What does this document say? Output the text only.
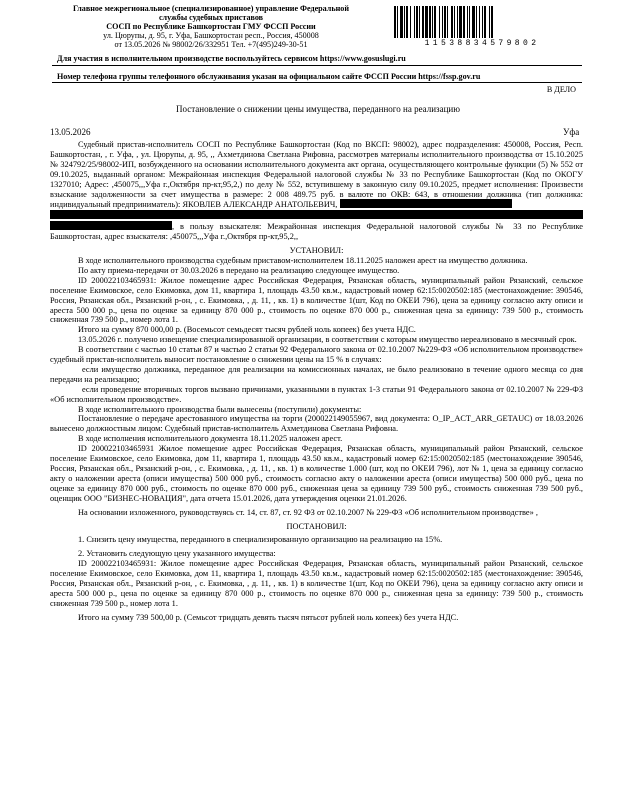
Главное межрегиональное (специализированное) управление Федеральной
службы судебных приставов
СОСП по Республике Башкортостан ГМУ ФССП России
ул. Цюрупы, д. 95, г. Уфа, Башкортостан респ., Россия, 450008
от 13.05.2026 № 98002/26/332951 Тел. +7(495)249-30-51	11538834579802
Для участия в исполнительном производстве воспользуйтесь сервисом https://www.gosuslugi.ru
Номер телефона группы телефонного обслуживания указан на официальном сайте ФССП России https://fssp.gov.ru
В ДЕЛО
Постановление о снижении цены имущества, переданного на реализацию
13.05.2026	Уфа

Судебный пристав-исполнитель СОСП по Республике Башкортостан (Код по ВКСП: 98002), адрес подразделения: 450008, Россия, Респ. Башкортостан, , г. Уфа, , ул. Цюрупы, д. 95, ,, Ахметдинова Светлана Рифовна, рассмотрев материалы исполнительного производства от 15.10.2025 № 324792/25/98002-ИП, возбужденного на основании исполнительного документа акт органа, осуществляющего контрольные функции (5) № 552 от 09.10.2025, выданный органом: Межрайонная инспекция Федеральной налоговой службы № 33 по Республике Башкортостан (Код по ОКОГУ 1327010; Адрес: ,450075,,,Уфа г.,Октября пр-кт,95,2,) по делу № 552, вступившему в законную силу 09.10.2025, предмет исполнения: Произвести взыскание задолженности за счет имущества в размере: 2 008 489.75 руб. в валюте по ОКВ: 643, в отношении должника (тип должника: индивидуальный предприниматель): ЯКОВЛЕВ АЛЕКСАНДР АНАТОЛЬЕВИЧ,

, в пользу взыскателя: Межрайонная инспекция Федеральной налоговой службы № 33 по Республике Башкортостан, адрес взыскателя: ,450075,,,Уфа г.,Октября пр-кт,95,2,,

УСТАНОВИЛ:

В ходе исполнительного производства судебным приставом-исполнителем 18.11.2025 наложен арест на имущество должника.

По акту приема-передачи от 30.03.2026 в передано на реализацию следующее имущество.

ID 200022103465931: Жилое помещение адрес Российская Федерация, Рязанская область, муниципальный район Рязанский, сельское поселение Екимовское, село Екимовка, дом 11, квартира 1, площадь 43.50 кв.м., кадастровый номер 62:15:0020502:185 (местонахождение: 390546, Россия, Рязанская обл., Рязанский р-он, , с. Екимовка, , д. 11, , кв. 1) в количестве 1(шт, Код по ОКЕИ 796), цена за единицу согласно акту описи и ареста 500 000 р., цена по оценке за единицу 870 000 р., стоимость по оценке 870 000 р., сниженная цена за единицу: 739 500 р., стоимость сниженная 739 500 р., номер лота 1.

Итого на сумму 870 000,00 р. (Восемьсот семьдесят тысяч рублей ноль копеек) без учета НДС.

13.05.2026 г. получено извещение специализированной организации, в соответствии с которым имущество нереализовано в месячный срок.

В соответствии с частью 10 статьи 87 и частью 2 статьи 92 Федерального закона от 02.10.2007 №229-ФЗ «Об исполнительном производстве» судебный пристав-исполнитель выносит постановление о снижении цены на 15 % в случаях:

если имущество должника, переданное для реализации на комиссионных началах, не было реализовано в течение одного месяца со дня передачи на реализацию;

если проведение вторичных торгов вызвано причинами, указанными в пунктах 1-3 статьи 91 Федерального закона от 02.10.2007 № 229-ФЗ «Об исполнительном производстве».

В ходе исполнительного производства были вынесены (поступили) документы:

Постановление о передаче арестованного имущества на торги (200022149055967, вид документа: O_IP_ACT_ARR_GETAUC) от 18.03.2026 вынесено должностным лицом: Судебный пристав-исполнитель Ахметдинова Светлана Рифовна.

В ходе исполнения исполнительного документа 18.11.2025 наложен арест.

ID 200022103465931 Жилое помещение адрес Российская Федерация, Рязанская область, муниципальный район Рязанский, сельское поселение Екимовское, село Екимовка, дом 11, квартира 1, площадь 43.50 кв.м., кадастровый номер 62:15:0020502:185 (местонахождение 390546, Россия, Рязанская обл., Рязанский р-он, , с. Екимовка, , д. 11, , кв. 1) в количестве 1.000 (шт, код по ОКЕИ 796), лот № 1, цена за единицу согласно акту о наложении ареста (описи имущества) 500 000 руб., стоимость согласно акту о наложении ареста (описи имущества) 500 000 руб., цена по оценке за единицу 870 000 руб., стоимость по оценке 870 000 руб., сниженная цена за единицу 739 500 руб., стоимость сниженная 739 500 руб., оценщик ООО "БИЗНЕС-НОВАЦИЯ", дата отчета 15.01.2026, дата утверждения оценки 21.01.2026.

На основании изложенного, руководствуясь ст. 14, ст. 87, ст. 92 ФЗ от 02.10.2007 № 229-ФЗ «Об исполнительном производстве» ,

ПОСТАНОВИЛ:

1. Снизить цену имущества, переданного в специализированную организацию на реализацию на 15%.

2. Установить следующую цену указанного имущества:

ID 200022103465931: Жилое помещение адрес Российская Федерация, Рязанская область, муниципальный район Рязанский, сельское поселение Екимовское, село Екимовка, дом 11, квартира 1, площадь 43.50 кв.м., кадастровый номер 62:15:0020502:185 (местонахождение: 390546, Россия, Рязанская обл., Рязанский р-он, , с. Екимовка, , д. 11, , кв. 1) в количестве 1(шт, Код по ОКЕИ 796), цена за единицу согласно акту описи и ареста 500 000 р., цена по оценке за единицу 870 000 р., стоимость по оценке 870 000 р., сниженная цена за единицу: 739 500 р., стоимость сниженная 739 500 р., номер лота 1.

Итого на сумму 739 500,00 р. (Семьсот тридцать девять тысяч пятьсот рублей ноль копеек) без учета НДС.
